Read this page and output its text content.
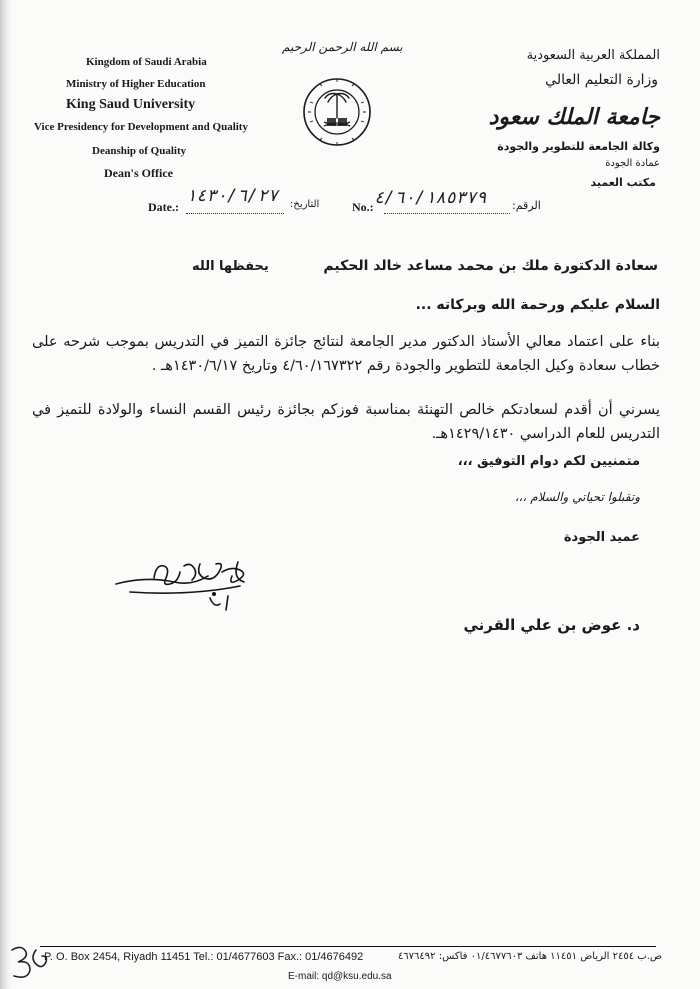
Kingdom of Saudi Arabia
Ministry of Higher Education
King Saud University
Vice Presidency for Development and Quality
Deanship of Quality
Dean's Office
المملكة العربية السعودية
وزارة التعليم العالي
جامعة الملك سعود
وكالة الجامعة للتطوير والجودة
عمادة الجودة
مكتب العميد
بسم الله الرحمن الرحيم
Date.:
١٤٣٠/٦/٢٧ التاريخ:	No.: ٤/٦٠/١٨٥٣٧٩ الرقم:
سعادة الدكتورة ملك بن محمد مساعد خالد الحكيم
يحفظها الله
السلام عليكم ورحمة الله وبركاته ...
بناء على اعتماد معالي الأستاذ الدكتور مدير الجامعة لنتائج جائزة التميز في التدريس بموجب شرحه على خطاب سعادة وكيل الجامعة للتطوير والجودة رقم ٤/٦٠/١٦٧٣٢٢ وتاريخ ١٤٣٠/٦/١٧هـ .
يسرني أن أقدم لسعادتكم خالص التهنئة بمناسبة فوزكم بجائزة رئيس القسم النساء والولادة للتميز في التدريس للعام الدراسي ١٤٢٩/١٤٣٠هـ.
متمنيين لكم دوام التوفيق ،،،
وتقبلوا تحياتي والسلام ،،،
عميد الجودة
د. عوض بن علي القرني
P. O. Box 2454, Riyadh 11451 Tel.: 01/4677603 Fax.: 01/4676492	ص.ب ٢٤٥٤ الرياض ١١٤٥١ هاتف ٠١/٤٦٧٧٦٠٣ فاكس: ٤٦٧٦٤٩٢
E-mail: qd@ksu.edu.sa
